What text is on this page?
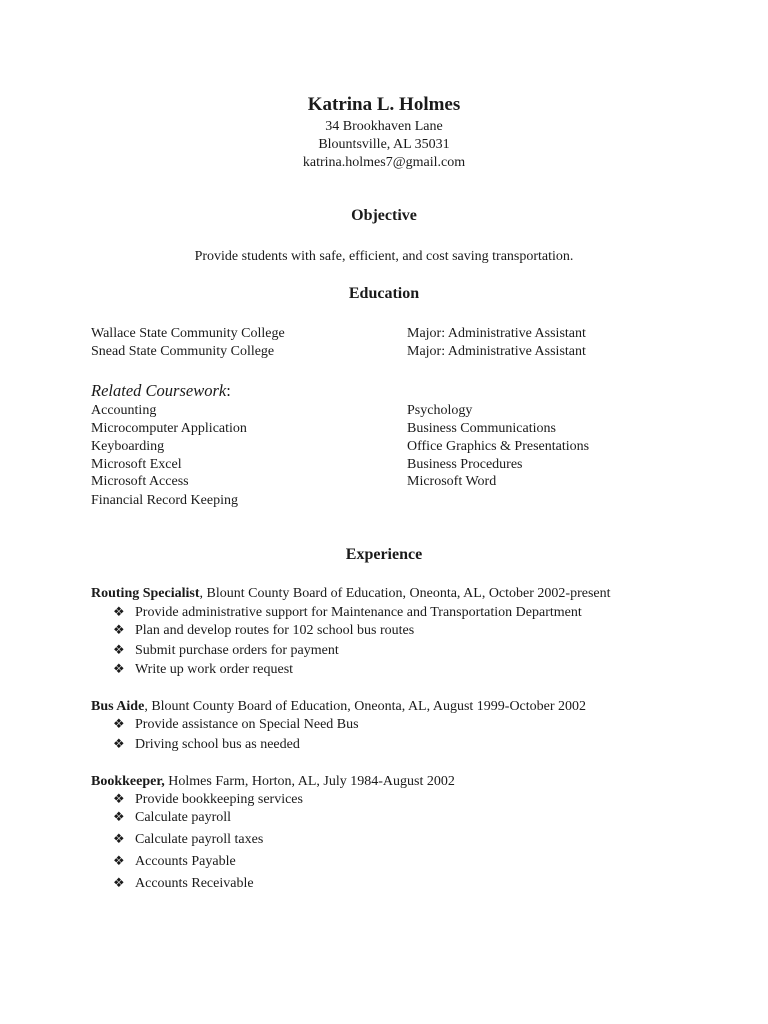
Katrina L. Holmes
34 Brookhaven Lane
Blountsville, AL 35031
katrina.holmes7@gmail.com
Objective
Provide students with safe, efficient, and cost saving transportation.
Education
Wallace State Community College	Major: Administrative Assistant
Snead State Community College	Major: Administrative Assistant
Related Coursework:
Accounting
Microcomputer Application
Keyboarding
Microsoft Excel
Microsoft Access
Financial Record Keeping
Psychology
Business Communications
Office Graphics & Presentations
Business Procedures
Microsoft Word
Experience
Routing Specialist, Blount County Board of Education, Oneonta, AL, October 2002-present
❖ Provide administrative support for Maintenance and Transportation Department
❖ Plan and develop routes for 102 school bus routes
❖ Submit purchase orders for payment
❖ Write up work order request
Bus Aide, Blount County Board of Education, Oneonta, AL, August 1999-October 2002
❖ Provide assistance on Special Need Bus
❖ Driving school bus as needed
Bookkeeper, Holmes Farm, Horton, AL, July 1984-August 2002
❖ Provide bookkeeping services
❖ Calculate payroll
❖ Calculate payroll taxes
❖ Accounts Payable
❖ Accounts Receivable
